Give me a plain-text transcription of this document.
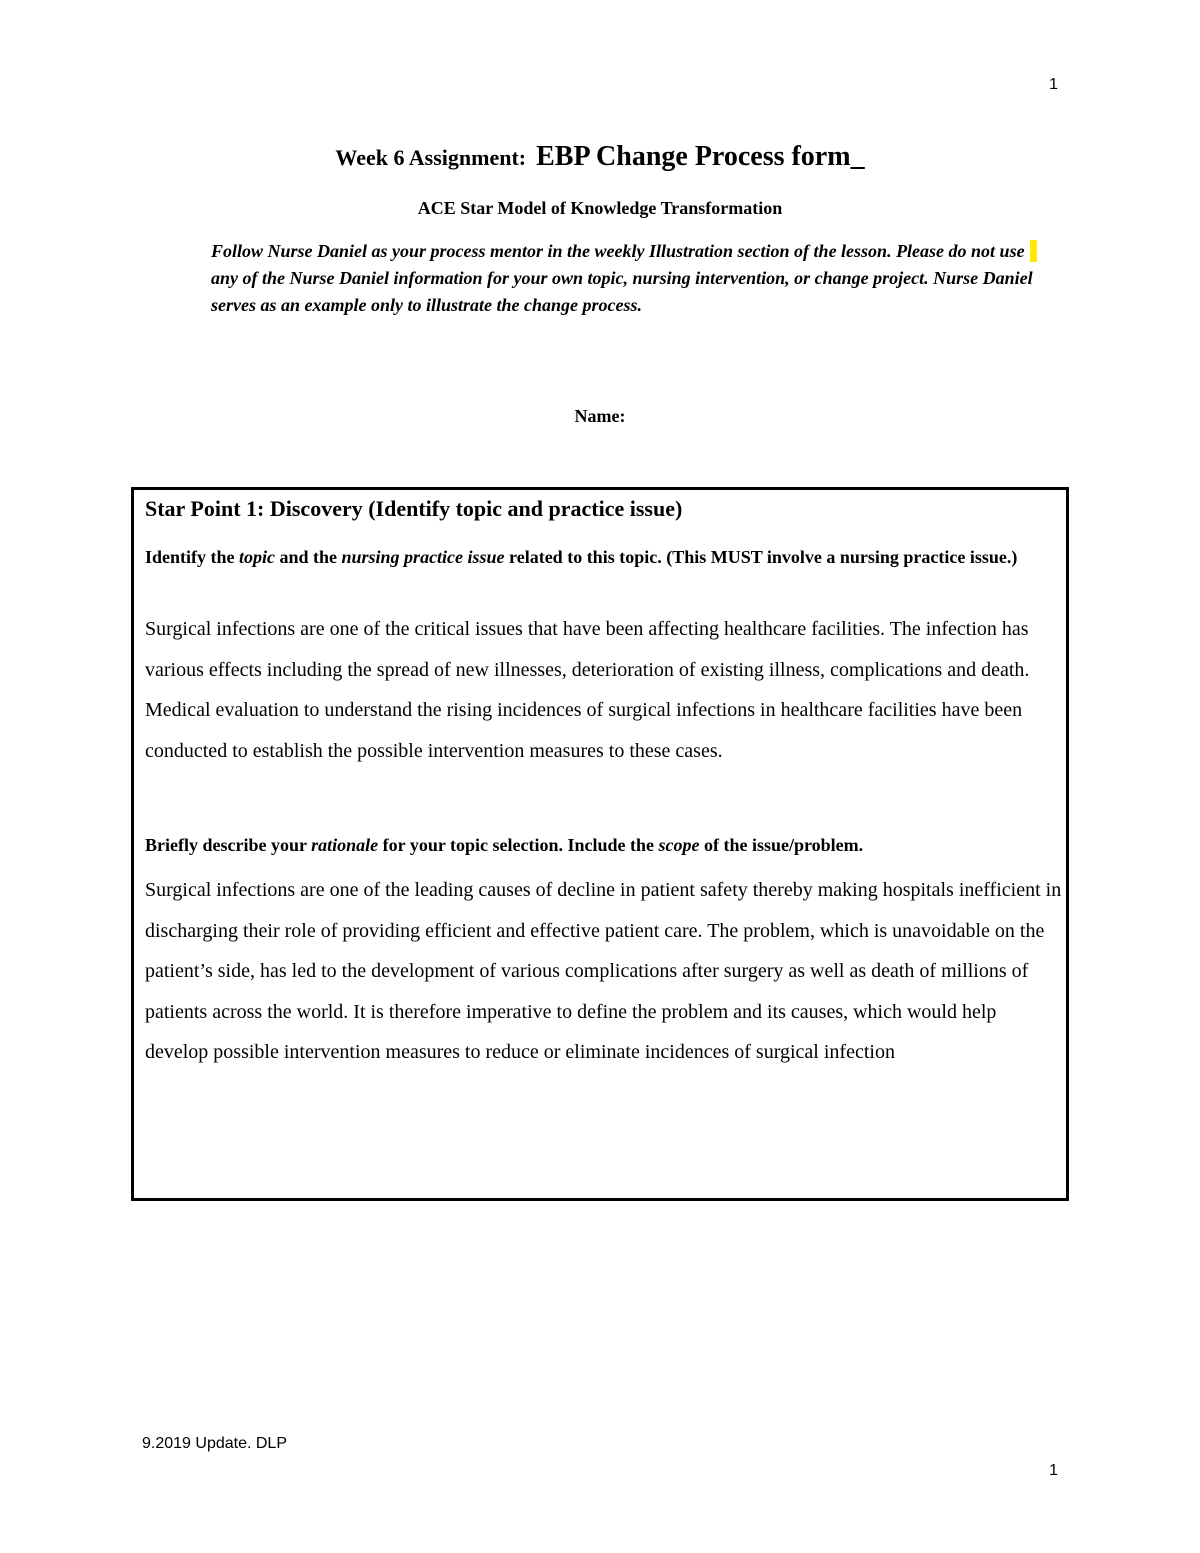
1
Week 6 Assignment: EBP Change Process form_
ACE Star Model of Knowledge Transformation
Follow Nurse Daniel as your process mentor in the weekly Illustration section of the lesson. Please do not use any of the Nurse Daniel information for your own topic, nursing intervention, or change project. Nurse Daniel serves as an example only to illustrate the change process.
Name:
Star Point 1: Discovery (Identify topic and practice issue)
Identify the topic and the nursing practice issue related to this topic. (This MUST involve a nursing practice issue.)
Surgical infections are one of the critical issues that have been affecting healthcare facilities. The infection has various effects including the spread of new illnesses, deterioration of existing illness, complications and death. Medical evaluation to understand the rising incidences of surgical infections in healthcare facilities have been conducted to establish the possible intervention measures to these cases.
Briefly describe your rationale for your topic selection. Include the scope of the issue/problem.
Surgical infections are one of the leading causes of decline in patient safety thereby making hospitals inefficient in discharging their role of providing efficient and effective patient care. The problem, which is unavoidable on the patient’s side, has led to the development of various complications after surgery as well as death of millions of patients across the world. It is therefore imperative to define the problem and its causes, which would help develop possible intervention measures to reduce or eliminate incidences of surgical infection
9.2019 Update. DLP
1
